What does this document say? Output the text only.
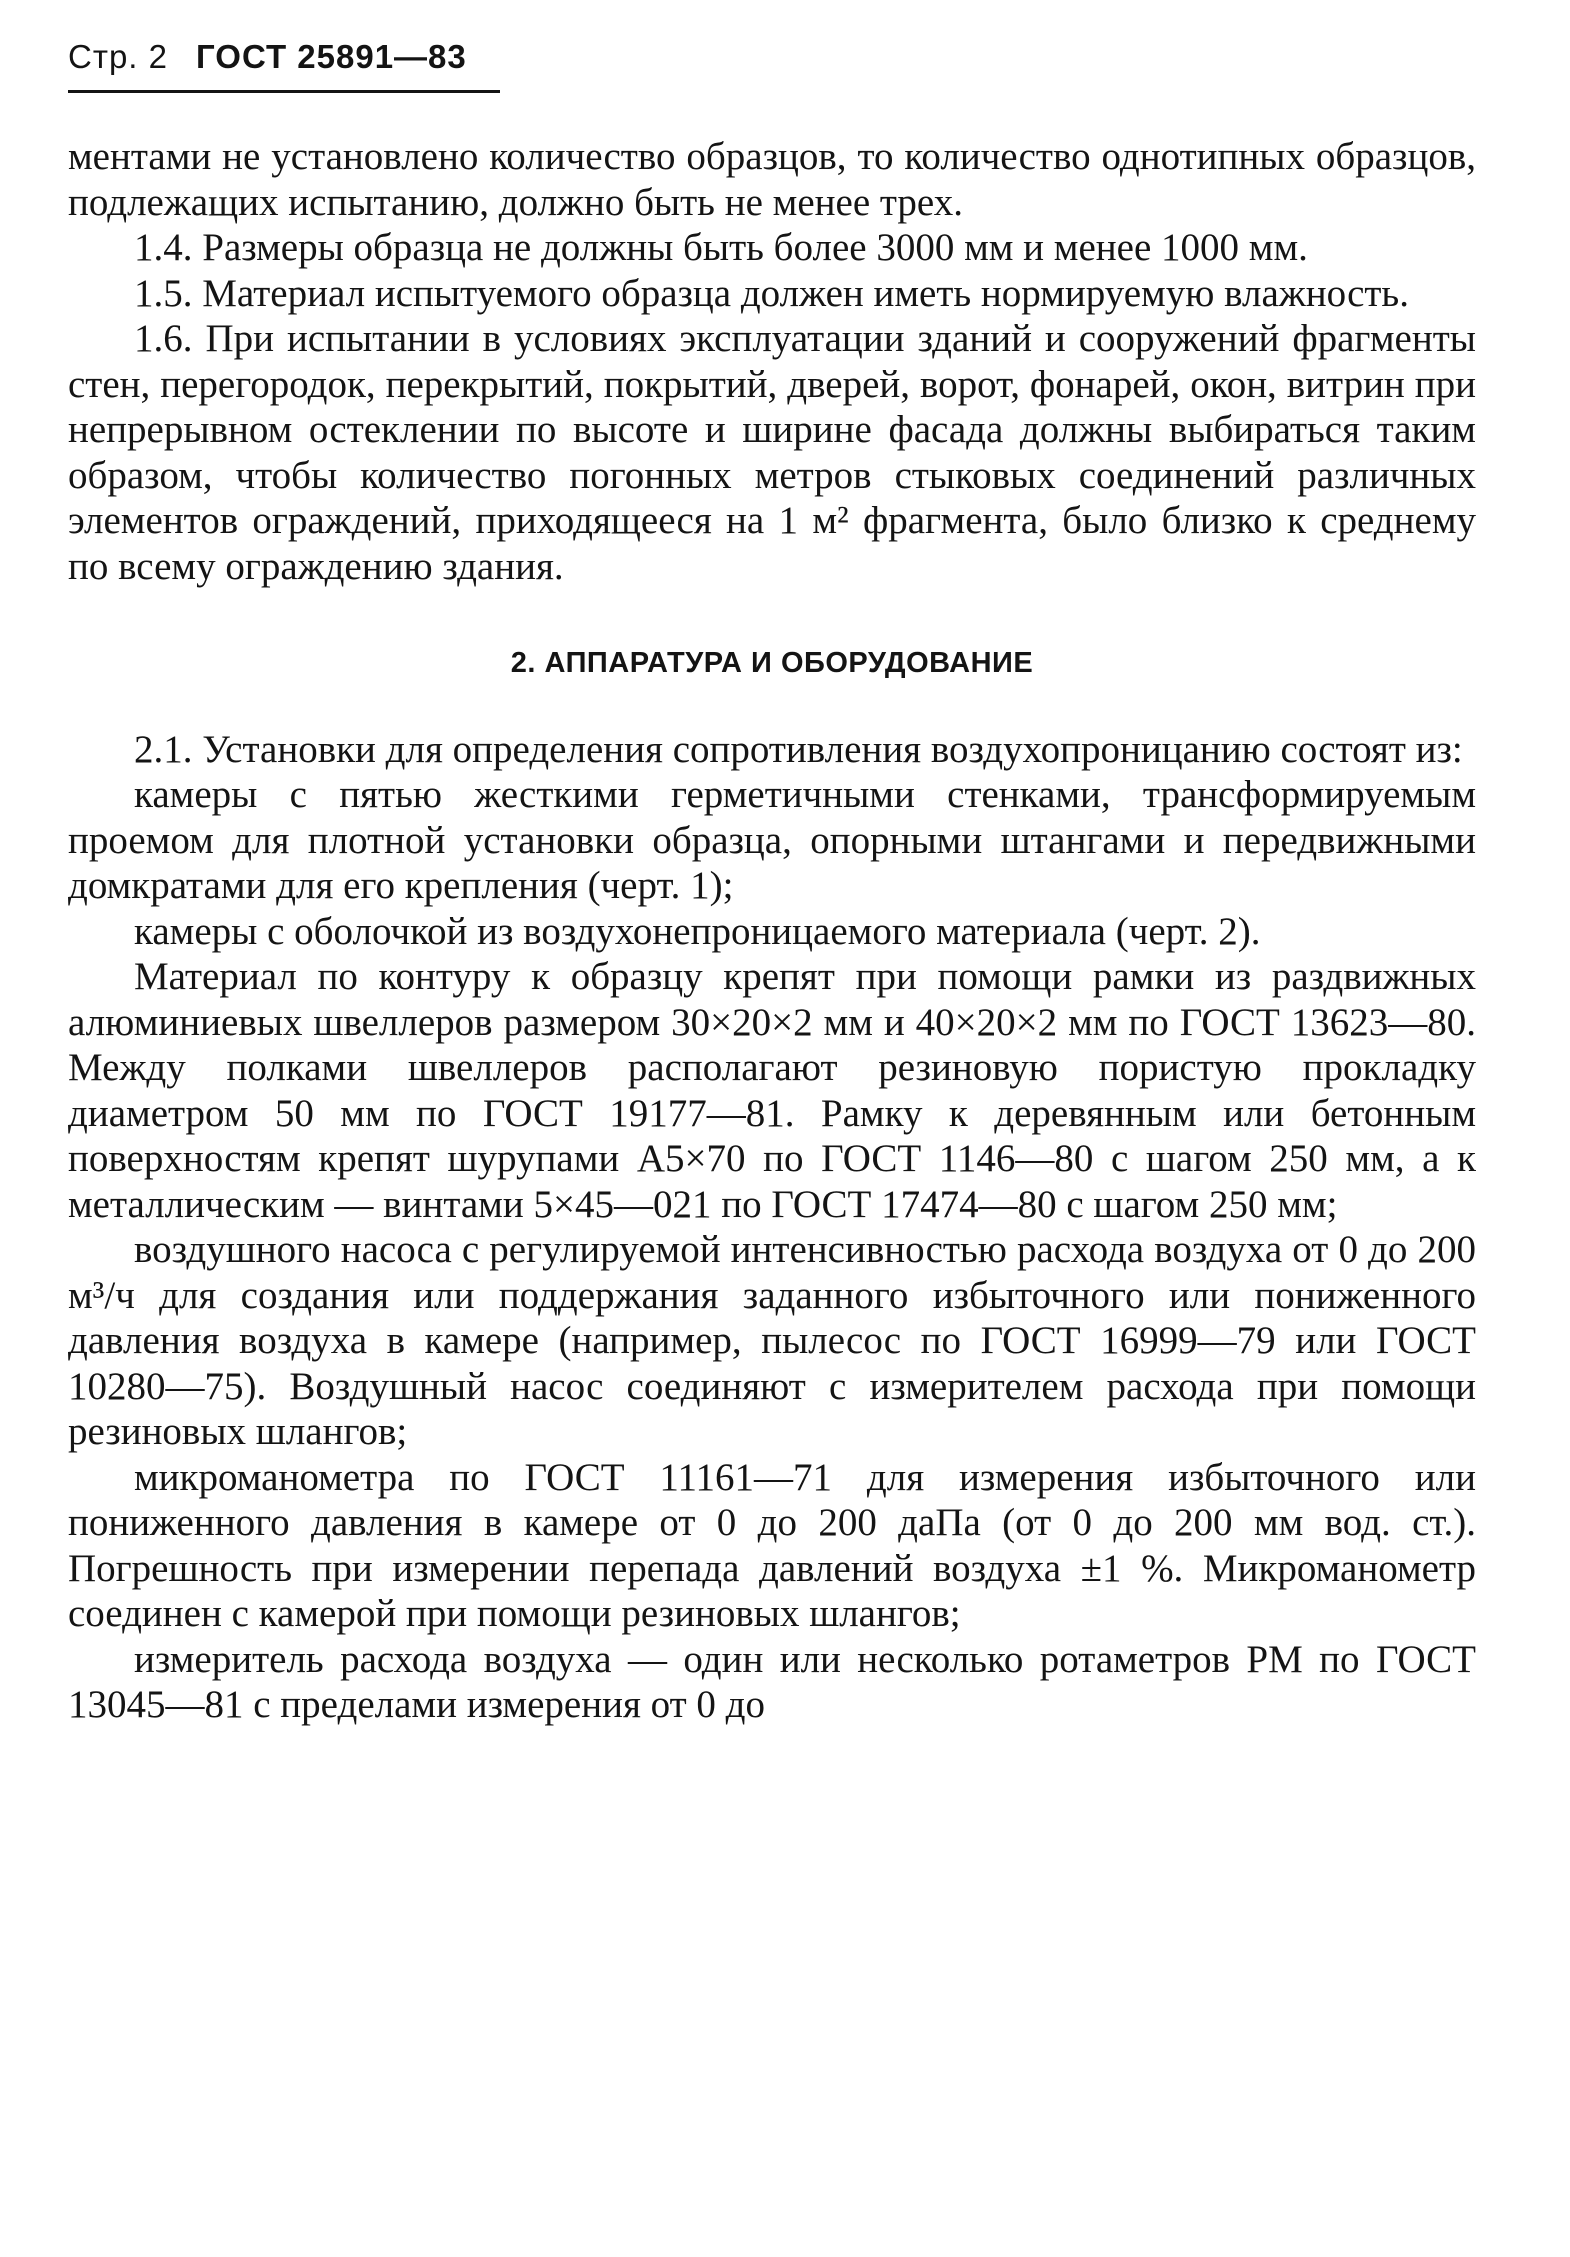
Стр. 2 ГОСТ 25891—83

ментами не установлено количество образцов, то количество однотипных образцов, подлежащих испытанию, должно быть не менее трех.

1.4. Размеры образца не должны быть более 3000 мм и менее 1000 мм.

1.5. Материал испытуемого образца должен иметь нормируемую влажность.

1.6. При испытании в условиях эксплуатации зданий и сооружений фрагменты стен, перегородок, перекрытий, покрытий, дверей, ворот, фонарей, окон, витрин при непрерывном остеклении по высоте и ширине фасада должны выбираться таким образом, чтобы количество погонных метров стыковых соединений различных элементов ограждений, приходящееся на 1 м² фрагмента, было близко к среднему по всему ограждению здания.

2. АППАРАТУРА И ОБОРУДОВАНИЕ

2.1. Установки для определения сопротивления воздухопроницанию состоят из:

камеры с пятью жесткими герметичными стенками, трансформируемым проемом для плотной установки образца, опорными штангами и передвижными домкратами для его крепления (черт. 1);

камеры с оболочкой из воздухонепроницаемого материала (черт. 2).

Материал по контуру к образцу крепят при помощи рамки из раздвижных алюминиевых швеллеров размером 30×20×2 мм и 40×20×2 мм по ГОСТ 13623—80. Между полками швеллеров располагают резиновую пористую прокладку диаметром 50 мм по ГОСТ 19177—81. Рамку к деревянным или бетонным поверхностям крепят шурупами А5×70 по ГОСТ 1146—80 с шагом 250 мм, а к металлическим — винтами 5×45—021 по ГОСТ 17474—80 с шагом 250 мм;

воздушного насоса с регулируемой интенсивностью расхода воздуха от 0 до 200 м³/ч для создания или поддержания заданного избыточного или пониженного давления воздуха в камере (например, пылесос по ГОСТ 16999—79 или ГОСТ 10280—75). Воздушный насос соединяют с измерителем расхода при помощи резиновых шлангов;

микроманометра по ГОСТ 11161—71 для измерения избыточного или пониженного давления в камере от 0 до 200 даПа (от 0 до 200 мм вод. ст.). Погрешность при измерении перепада давлений воздуха ±1 %. Микроманометр соединен с камерой при помощи резиновых шлангов;

измеритель расхода воздуха — один или несколько ротаметров РМ по ГОСТ 13045—81 с пределами измерения от 0 до
